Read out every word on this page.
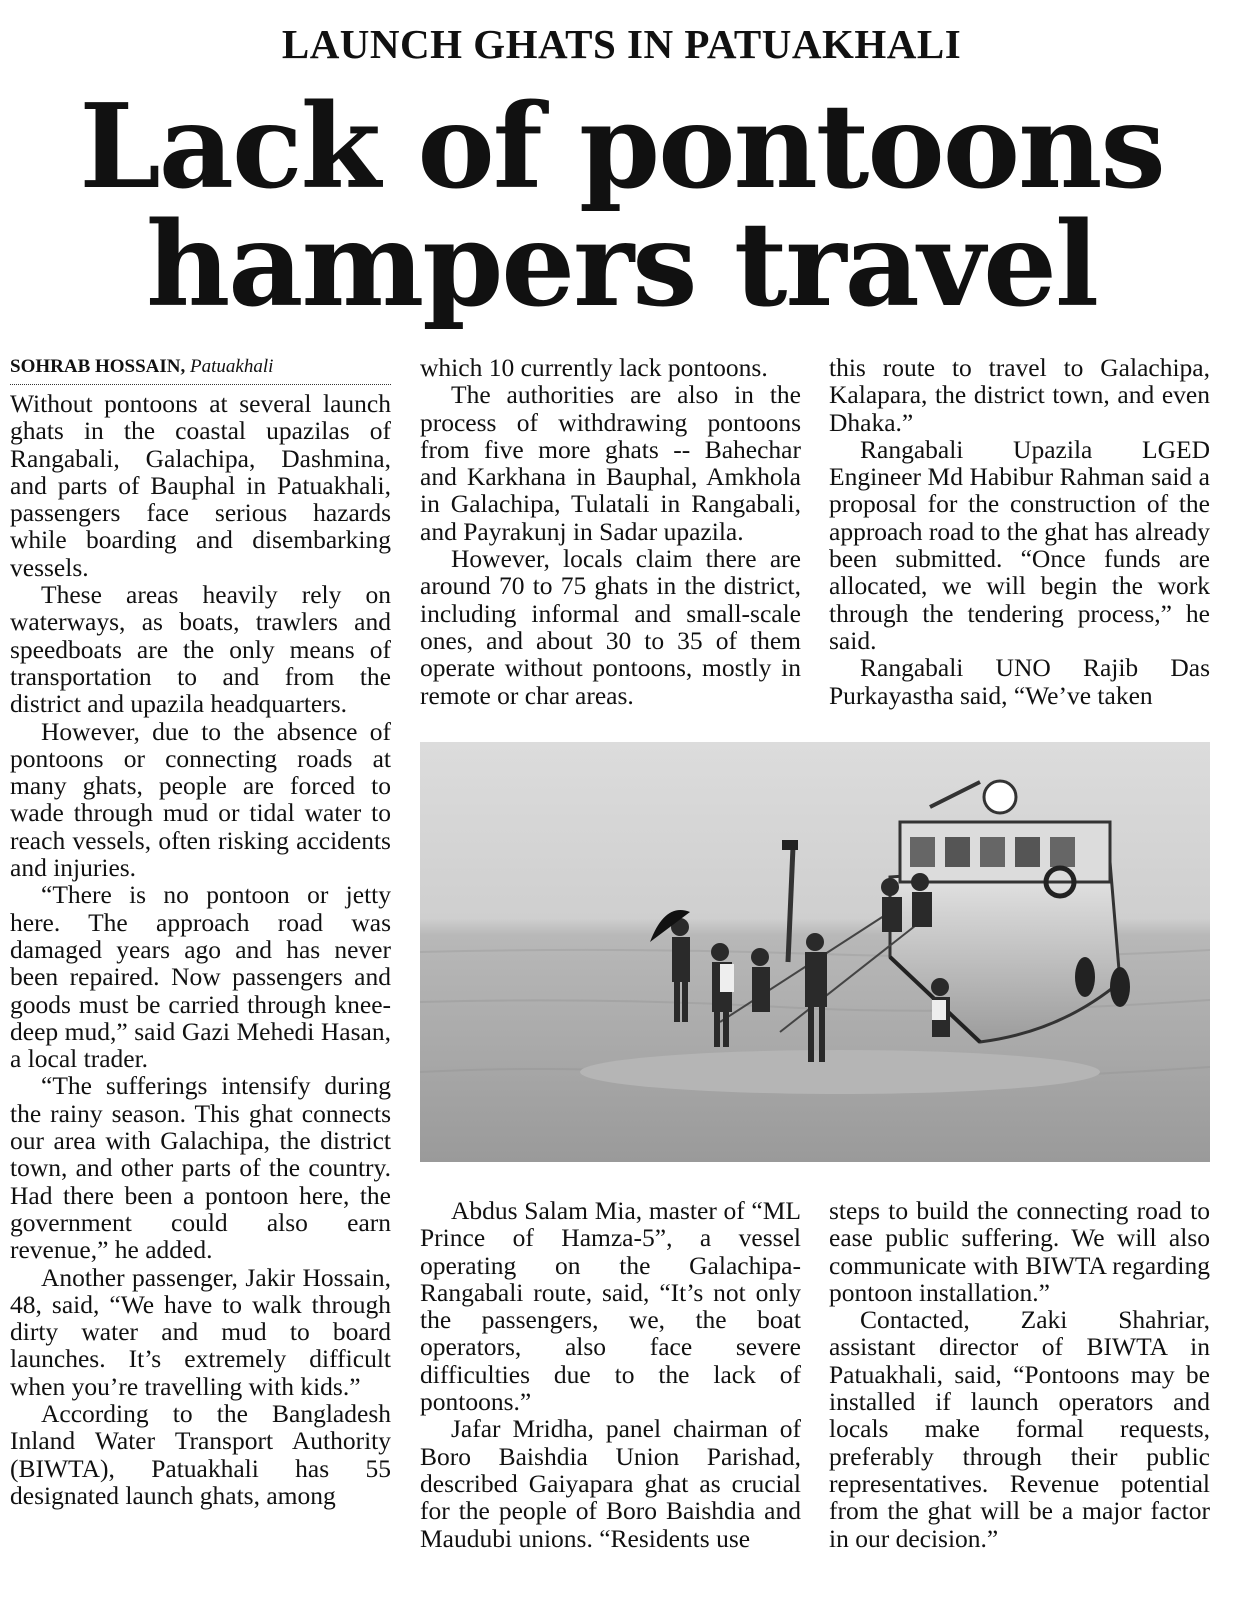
LAUNCH GHATS IN PATUAKHALI
Lack of pontoons
hampers travel
SOHRAB HOSSAIN, Patuakhali

Without pontoons at several launch ghats in the coastal upazilas of Rangabali, Galachipa, Dashmina, and parts of Bauphal in Patuakhali, passengers face serious hazards while boarding and disembarking vessels.

These areas heavily rely on waterways, as boats, trawlers and speedboats are the only means of transportation to and from the district and upazila headquarters.

However, due to the absence of pontoons or connecting roads at many ghats, people are forced to wade through mud or tidal water to reach vessels, often risking accidents and injuries.

“There is no pontoon or jetty here. The approach road was damaged years ago and has never been repaired. Now passengers and goods must be carried through knee-deep mud,” said Gazi Mehedi Hasan, a local trader.

“The sufferings intensify during the rainy season. This ghat connects our area with Galachipa, the district town, and other parts of the country. Had there been a pontoon here, the government could also earn revenue,” he added.

Another passenger, Jakir Hossain, 48, said, “We have to walk through dirty water and mud to board launches. It’s extremely difficult when you’re travelling with kids.”

According to the Bangladesh Inland Water Transport Authority (BIWTA), Patuakhali has 55 designated launch ghats, among

which 10 currently lack pontoons.

The authorities are also in the process of withdrawing pontoons from five more ghats -- Bahechar and Karkhana in Bauphal, Amkhola in Galachipa, Tulatali in Rangabali, and Payrakunj in Sadar upazila.

However, locals claim there are around 70 to 75 ghats in the district, including informal and small-scale ones, and about 30 to 35 of them operate without pontoons, mostly in remote or char areas.

this route to travel to Galachipa, Kalapara, the district town, and even Dhaka.”

Rangabali Upazila LGED Engineer Md Habibur Rahman said a proposal for the construction of the approach road to the ghat has already been submitted. “Once funds are allocated, we will begin the work through the tendering process,” he said.

Rangabali UNO Rajib Das Purkayastha said, “We’ve taken

Abdus Salam Mia, master of “ML Prince of Hamza-5”, a vessel operating on the Galachipa-Rangabali route, said, “It’s not only the passengers, we, the boat operators, also face severe difficulties due to the lack of pontoons.”

Jafar Mridha, panel chairman of Boro Baishdia Union Parishad, described Gaiyapara ghat as crucial for the people of Boro Baishdia and Maudubi unions. “Residents use

steps to build the connecting road to ease public suffering. We will also communicate with BIWTA regarding pontoon installation.”

Contacted, Zaki Shahriar, assistant director of BIWTA in Patuakhali, said, “Pontoons may be installed if launch operators and locals make formal requests, preferably through their public representatives. Revenue potential from the ghat will be a major factor in our decision.”
